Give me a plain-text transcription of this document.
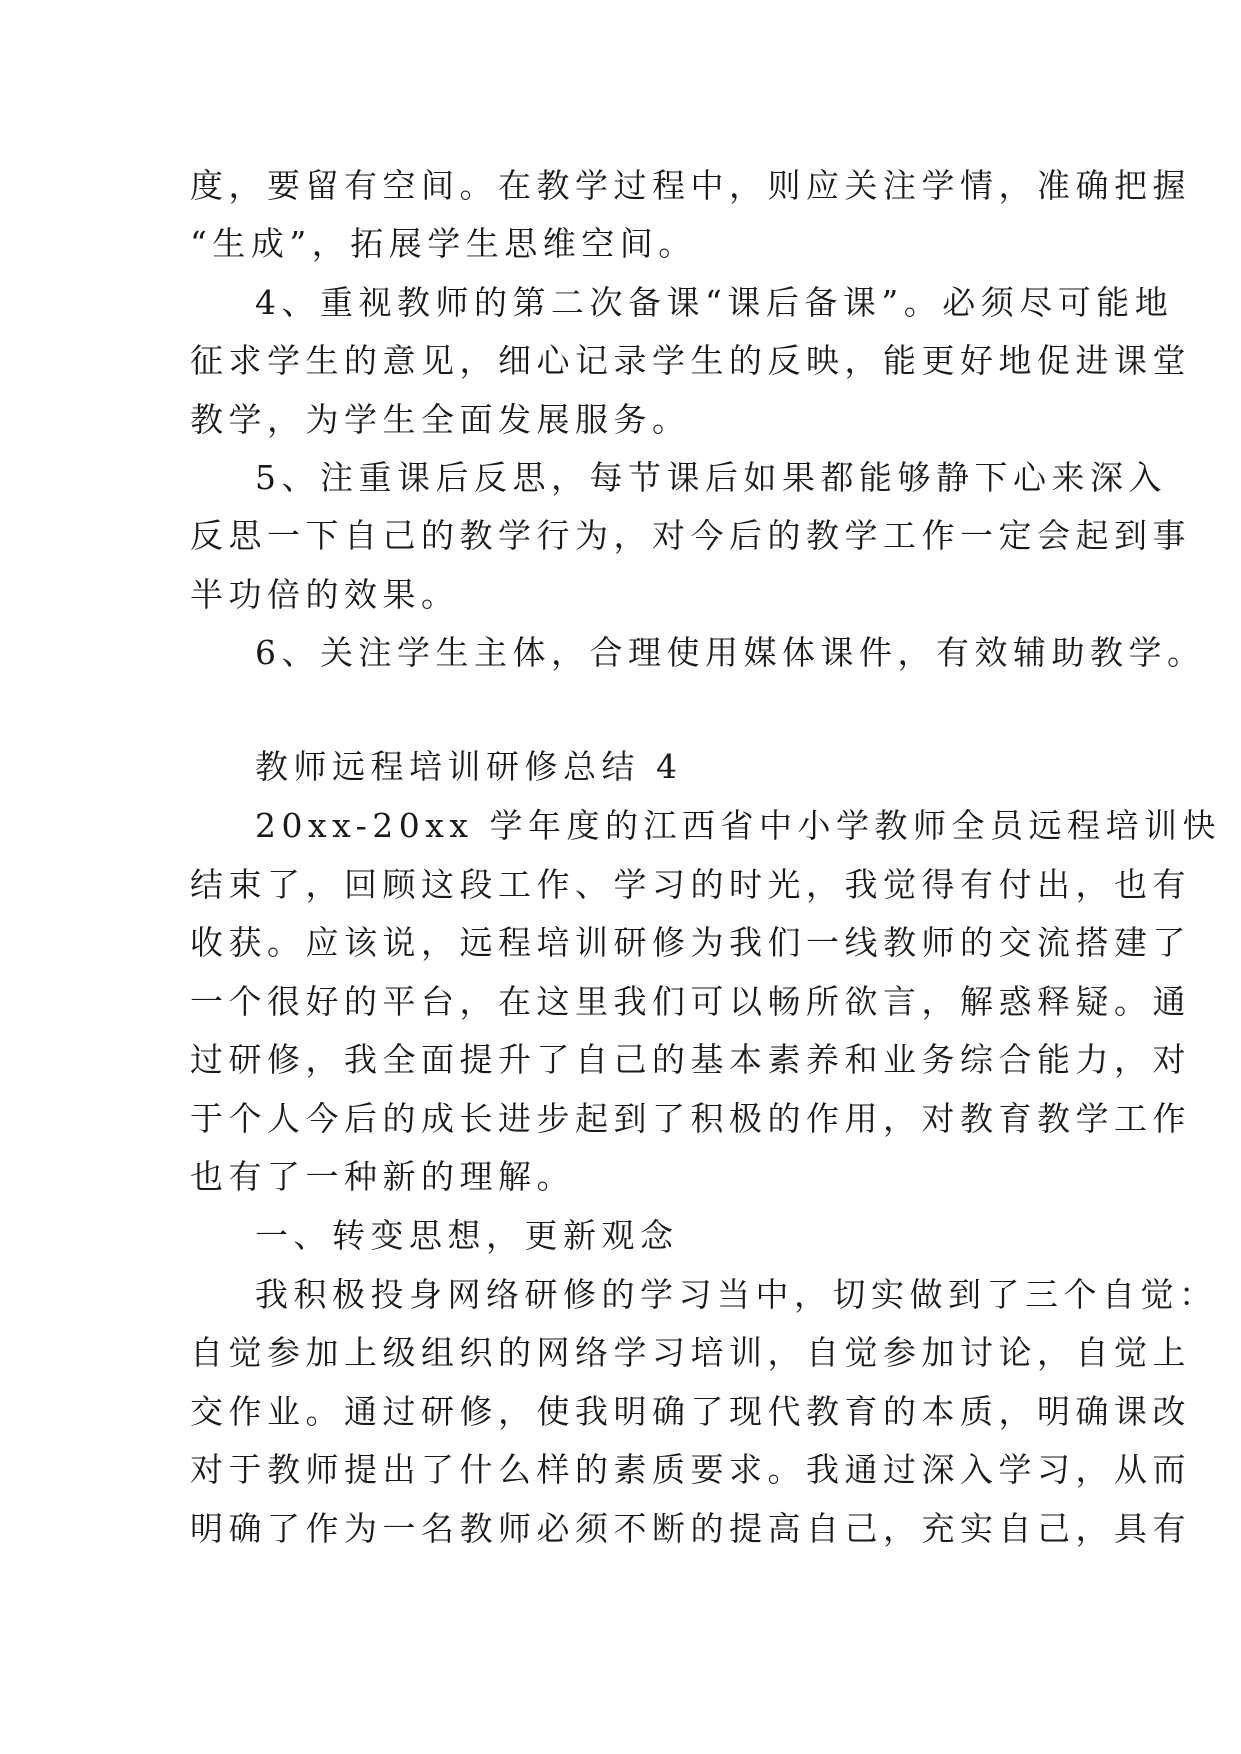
度，要留有空间。在教学过程中，则应关注学情，准确把握
“生成”，拓展学生思维空间。
4、重视教师的第二次备课“课后备课”。必须尽可能地
征求学生的意见，细心记录学生的反映，能更好地促进课堂
教学，为学生全面发展服务。
5、注重课后反思，每节课后如果都能够静下心来深入
反思一下自己的教学行为，对今后的教学工作一定会起到事
半功倍的效果。
6、关注学生主体，合理使用媒体课件，有效辅助教学。
教师远程培训研修总结 4
20xx-20xx 学年度的江西省中小学教师全员远程培训快
结束了，回顾这段工作、学习的时光，我觉得有付出，也有
收获。应该说，远程培训研修为我们一线教师的交流搭建了
一个很好的平台，在这里我们可以畅所欲言，解惑释疑。通
过研修，我全面提升了自己的基本素养和业务综合能力，对
于个人今后的成长进步起到了积极的作用，对教育教学工作
也有了一种新的理解。
一、转变思想，更新观念
我积极投身网络研修的学习当中，切实做到了三个自觉：
自觉参加上级组织的网络学习培训，自觉参加讨论，自觉上
交作业。通过研修，使我明确了现代教育的本质，明确课改
对于教师提出了什么样的素质要求。我通过深入学习，从而
明确了作为一名教师必须不断的提高自己，充实自己，具有
